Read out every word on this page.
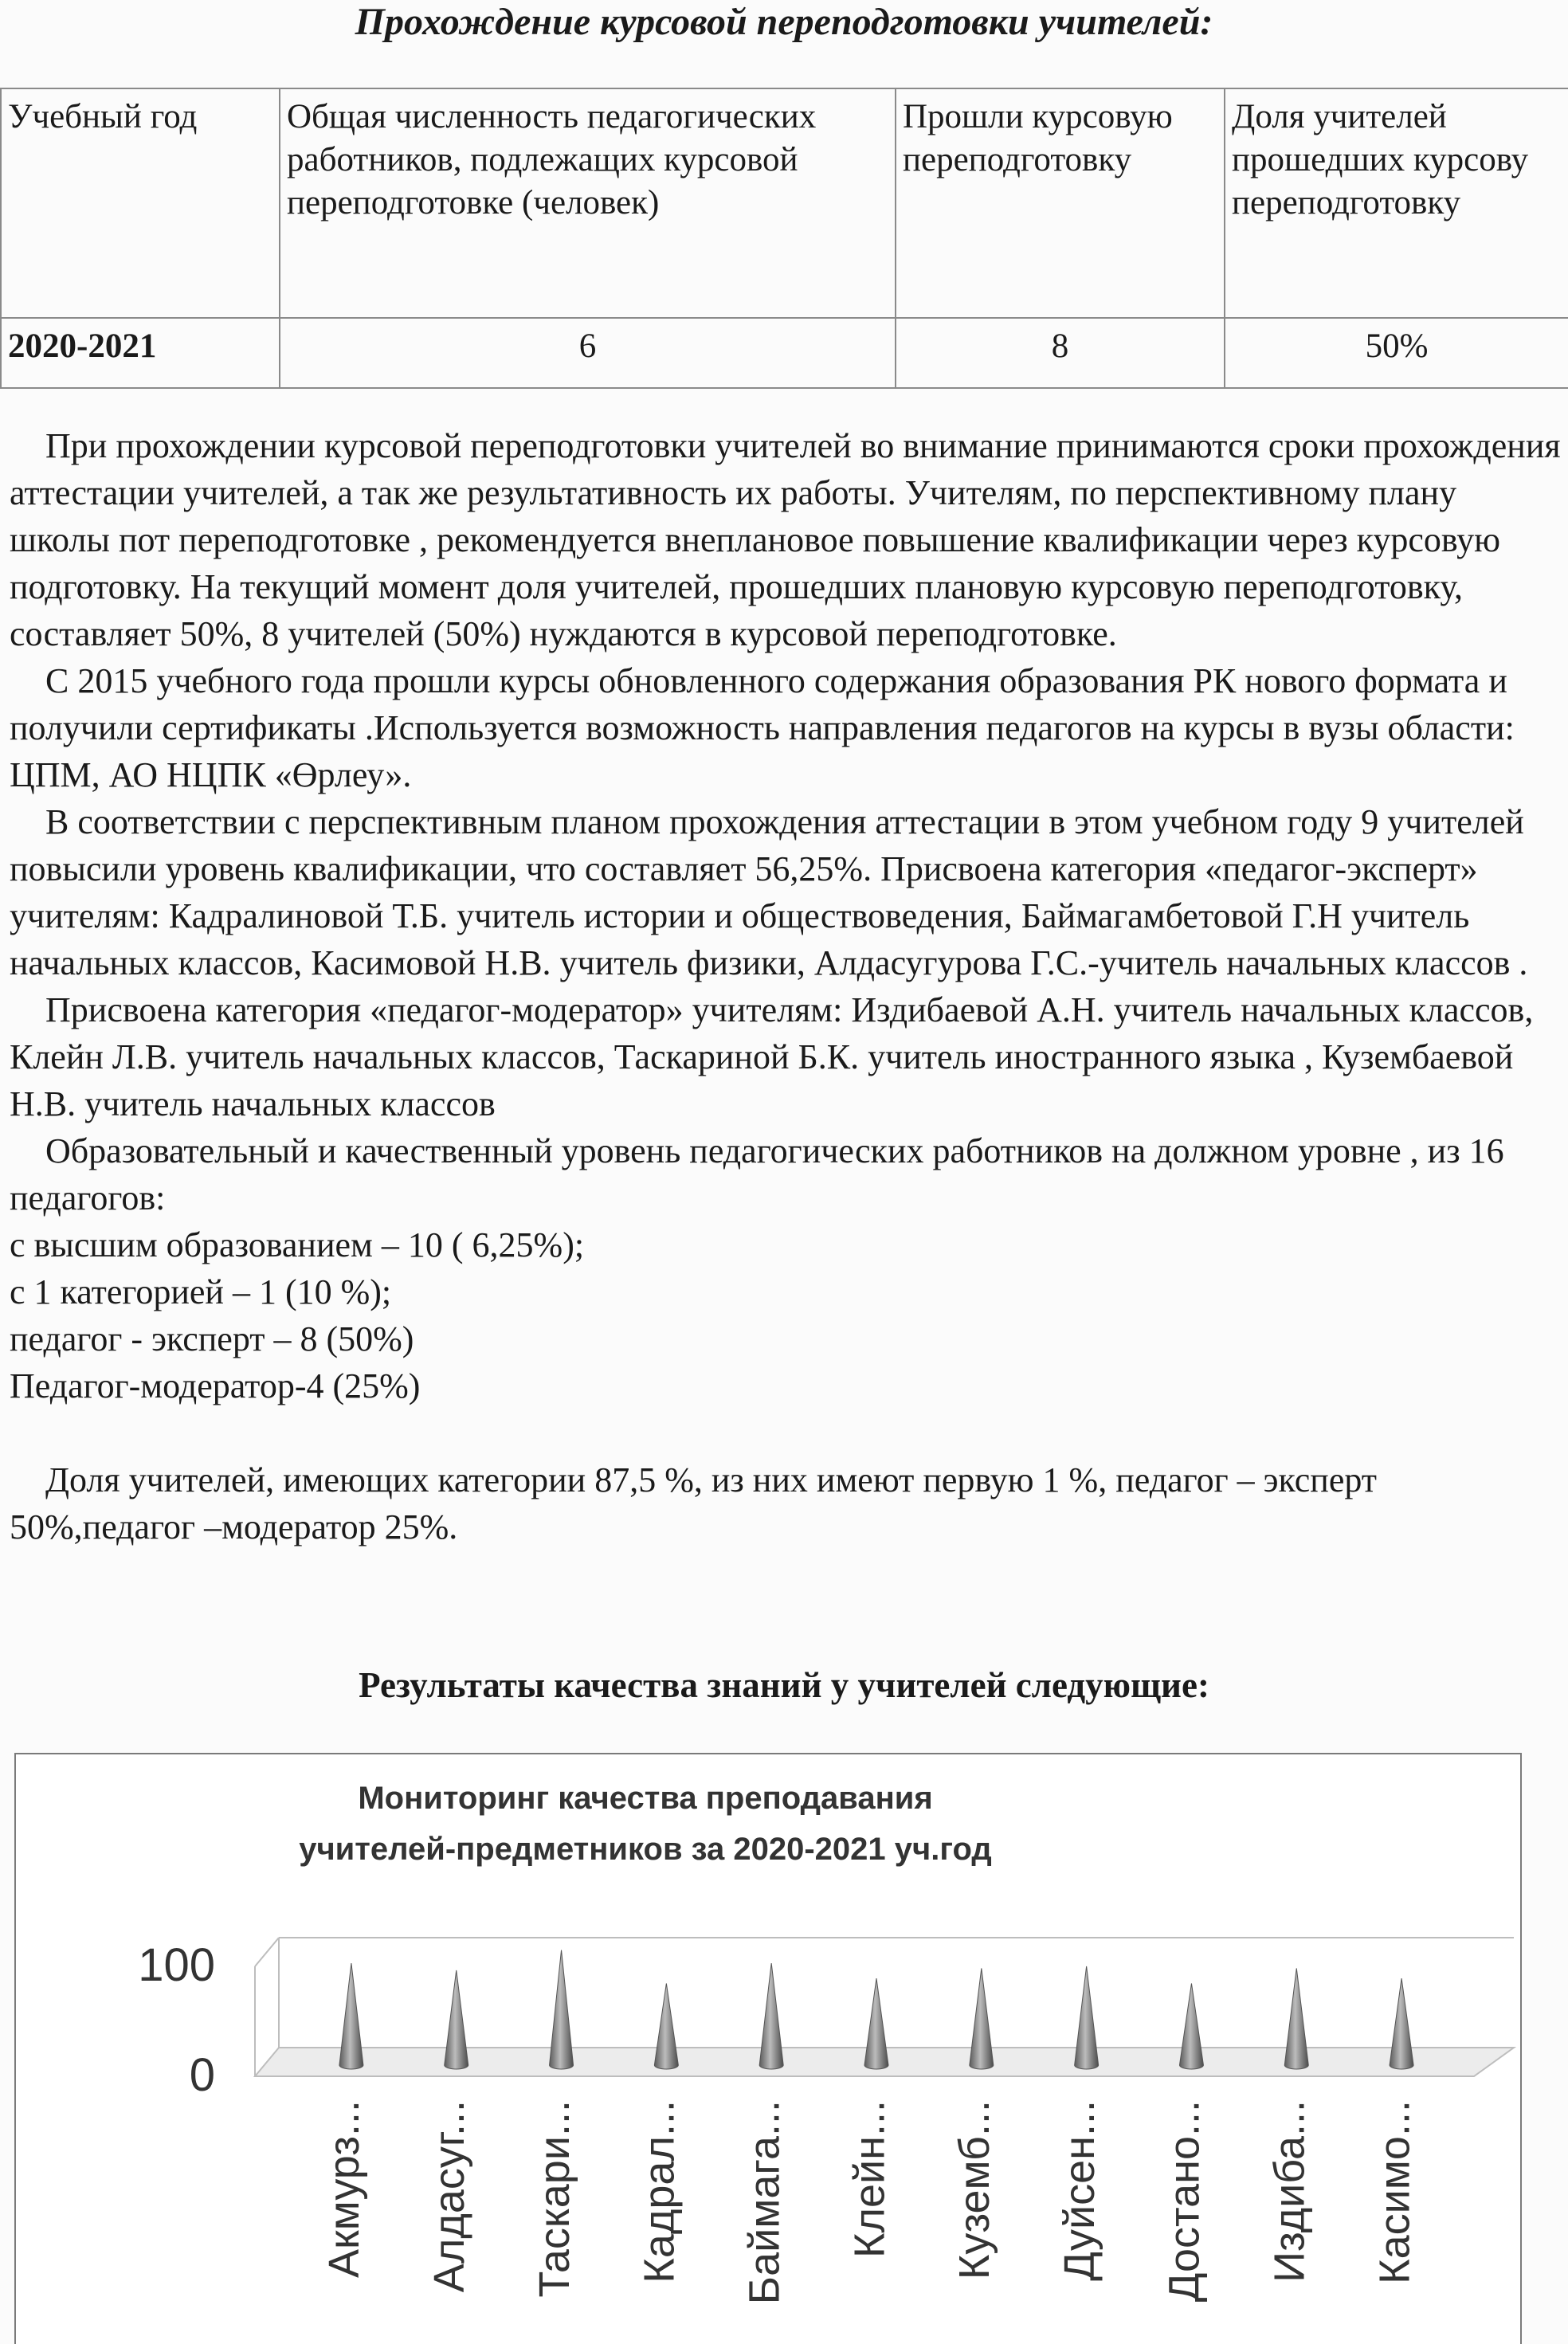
Прохождение курсовой переподготовки учителей:
Учебный год	Общая численность педагогических работников, подлежащих курсовой переподготовке (человек)	Прошли курсовую переподготовку	Доля учителей прошедших курсову переподготовку
2020-2021	6	8	50%

При прохождении курсовой переподготовки учителей во внимание принимаются сроки прохождения аттестации учителей, а так же результативность их работы. Учителям, по перспективному плану школы пот переподготовке , рекомендуется внеплановое повышение квалификации через курсовую подготовку. На текущий момент доля учителей, прошедших плановую курсовую переподготовку, составляет 50%, 8 учителей (50%) нуждаются в курсовой переподготовке.

С 2015 учебного года прошли курсы обновленного содержания образования РК нового формата и получили сертификаты .Используется возможность направления педагогов на курсы в вузы области: ЦПМ, АО НЦПК «Өрлеу».

В соответствии с перспективным планом прохождения аттестации в этом учебном году 9 учителей повысили уровень квалификации, что составляет 56,25%. Присвоена категория «педагог-эксперт» учителям: Кадралиновой Т.Б. учитель истории и обществоведения, Баймагамбетовой Г.Н учитель начальных классов, Касимовой Н.В. учитель физики, Алдасугурова Г.С.-учитель начальных классов .

Присвоена категория «педагог-модератор» учителям: Издибаевой А.Н. учитель начальных классов, Клейн Л.В. учитель начальных классов, Таскариной Б.К. учитель иностранного языка , Кузембаевой Н.В. учитель начальных классов

Образовательный и качественный уровень педагогических работников на должном уровне , из 16 педагогов:

с высшим образованием – 10 ( 6,25%);

с 1 категорией – 1 (10 %);

педагог - эксперт – 8 (50%)

Педагог-модератор-4 (25%)

Доля учителей, имеющих категории 87,5 %, из них имеют первую 1 %, педагог – эксперт 50%,педагог –модератор 25%.

Результаты качества знаний у учителей следующие:
Мониторинг качества преподавания
учителей-предметников за 2020-2021 уч.год
100
0
Акмурз... Алдасуг... Таскари... Кадрал... Баймага... Клейн... Куземб... Дуйсен... Достано... Издиба... Касимо...
